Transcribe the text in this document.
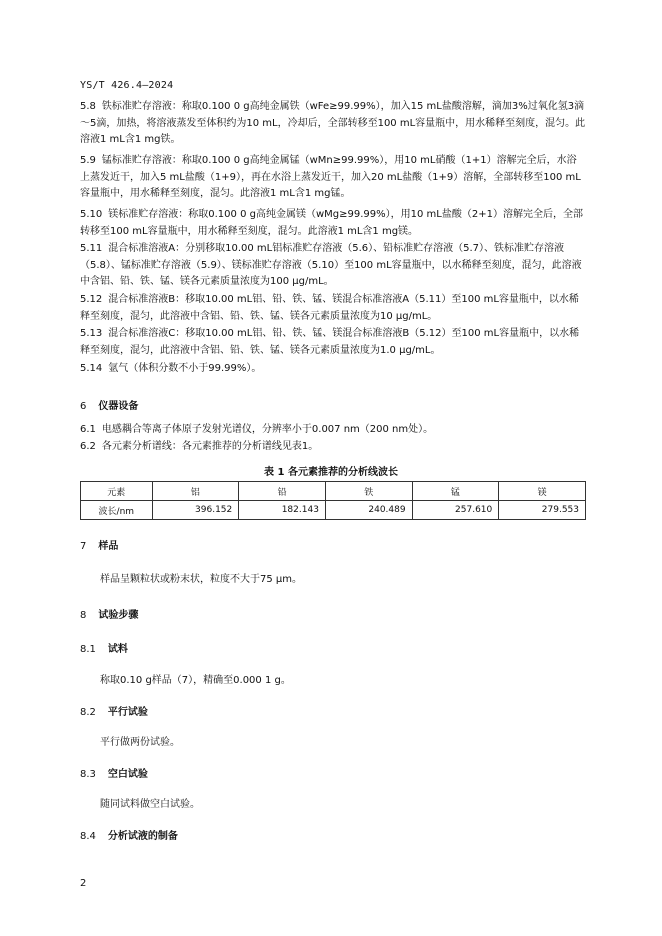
YS/T 426.4—2024
5.8 铁标准贮存溶液：称取0.100 0 g高纯金属铁（wFe≥99.99%），加入15 mL盐酸溶解，滴加3%过氧化氢3滴～5滴，加热，将溶液蒸发至体积约为10 mL，冷却后，全部转移至100 mL容量瓶中，用水稀释至刻度，混匀。此溶液1 mL含1 mg铁。
5.9 锰标准贮存溶液：称取0.100 0 g高纯金属锰（wMn≥99.99%），用10 mL硝酸（1+1）溶解完全后，水浴上蒸发近干，加入5 mL盐酸（1+9），再在水浴上蒸发近干，加入20 mL盐酸（1+9）溶解，全部转移至100 mL容量瓶中，用水稀释至刻度，混匀。此溶液1 mL含1 mg锰。
5.10 镁标准贮存溶液：称取0.100 0 g高纯金属镁（wMg≥99.99%），用10 mL盐酸（2+1）溶解完全后，全部转移至100 mL容量瓶中，用水稀释至刻度，混匀。此溶液1 mL含1 mg镁。
5.11 混合标准溶液A：分别移取10.00 mL铝标准贮存溶液（5.6）、铅标准贮存溶液（5.7）、铁标准贮存溶液（5.8）、锰标准贮存溶液（5.9）、镁标准贮存溶液（5.10）至100 mL容量瓶中，以水稀释至刻度，混匀，此溶液中含铝、铅、铁、锰、镁各元素质量浓度为100 μg/mL。
5.12 混合标准溶液B：移取10.00 mL铝、铅、铁、锰、镁混合标准溶液A（5.11）至100 mL容量瓶中，以水稀释至刻度，混匀，此溶液中含铝、铅、铁、锰、镁各元素质量浓度为10 μg/mL。
5.13 混合标准溶液C：移取10.00 mL铝、铅、铁、锰、镁混合标准溶液B（5.12）至100 mL容量瓶中，以水稀释至刻度，混匀，此溶液中含铝、铅、铁、锰、镁各元素质量浓度为1.0 μg/mL。
5.14 氩气（体积分数不小于99.99%）。
6 仪器设备
6.1 电感耦合等离子体原子发射光谱仪，分辨率小于0.007 nm（200 nm处）。
6.2 各元素分析谱线：各元素推荐的分析谱线见表1。
表 1 各元素推荐的分析线波长
元素	铝	铅	铁	锰	镁
波长/nm	396.152	182.143	240.489	257.610	279.553
7 样品
样品呈颗粒状或粉末状，粒度不大于75 μm。
8 试验步骤
8.1 试料
称取0.10 g样品（7），精确至0.000 1 g。
8.2 平行试验
平行做两份试验。
8.3 空白试验
随同试料做空白试验。
8.4 分析试液的制备
2
